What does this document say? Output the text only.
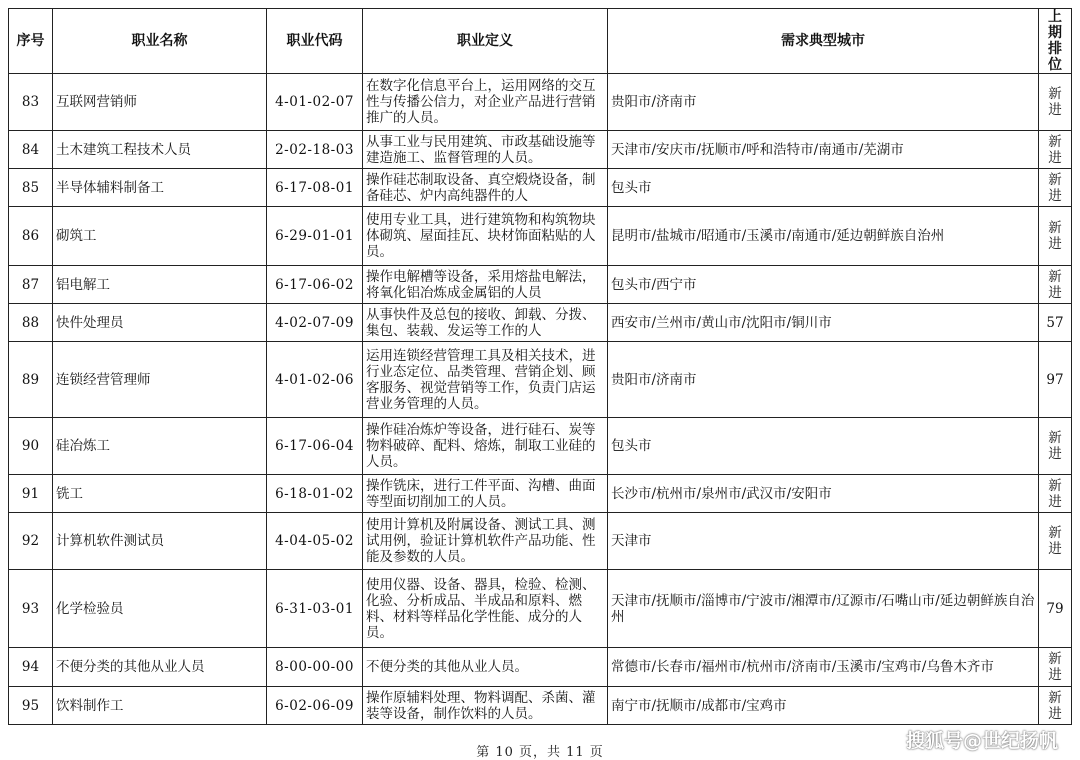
序号	职业名称	职业代码	职业定义	需求典型城市	上期排位
83	互联网营销师	4-01-02-07	在数字化信息平台上，运用网络的交互性与传播公信力，对企业产品进行营销推广的人员。	贵阳市/济南市	新进
84	土木建筑工程技术人员	2-02-18-03	从事工业与民用建筑、市政基础设施等建造施工、监督管理的人员。	天津市/安庆市/抚顺市/呼和浩特市/南通市/芜湖市	新进
85	半导体辅料制备工	6-17-08-01	操作硅芯制取设备、真空煅烧设备，制备硅芯、炉内高纯器件的人	包头市	新进
86	砌筑工	6-29-01-01	使用专业工具，进行建筑物和构筑物块体砌筑、屋面挂瓦、块材饰面粘贴的人员。	昆明市/盐城市/昭通市/玉溪市/南通市/延边朝鲜族自治州	新进
87	铝电解工	6-17-06-02	操作电解槽等设备，采用熔盐电解法，将氧化铝冶炼成金属铝的人员	包头市/西宁市	新进
88	快件处理员	4-02-07-09	从事快件及总包的接收、卸载、分拨、集包、装载、发运等工作的人	西安市/兰州市/黄山市/沈阳市/铜川市	57
89	连锁经营管理师	4-01-02-06	运用连锁经营管理工具及相关技术，进行业态定位、品类管理、营销企划、顾客服务、视觉营销等工作，负责门店运营业务管理的人员。	贵阳市/济南市	97
90	硅冶炼工	6-17-06-04	操作硅冶炼炉等设备，进行硅石、炭等物料破碎、配料、熔炼，制取工业硅的人员。	包头市	新进
91	铣工	6-18-01-02	操作铣床，进行工件平面、沟槽、曲面等型面切削加工的人员。	长沙市/杭州市/泉州市/武汉市/安阳市	新进
92	计算机软件测试员	4-04-05-02	使用计算机及附属设备、测试工具、测试用例，验证计算机软件产品功能、性能及参数的人员。	天津市	新进
93	化学检验员	6-31-03-01	使用仪器、设备、器具，检验、检测、化验、分析成品、半成品和原料、燃料、材料等样品化学性能、成分的人员。	天津市/抚顺市/淄博市/宁波市/湘潭市/辽源市/石嘴山市/延边朝鲜族自治州	79
94	不便分类的其他从业人员	8-00-00-00	不便分类的其他从业人员。	常德市/长春市/福州市/杭州市/济南市/玉溪市/宝鸡市/乌鲁木齐市	新进
95	饮料制作工	6-02-06-09	操作原辅料处理、物料调配、杀菌、灌装等设备，制作饮料的人员。	南宁市/抚顺市/成都市/宝鸡市	新进
第 10 页，共 11 页
搜狐号@世纪扬帆
